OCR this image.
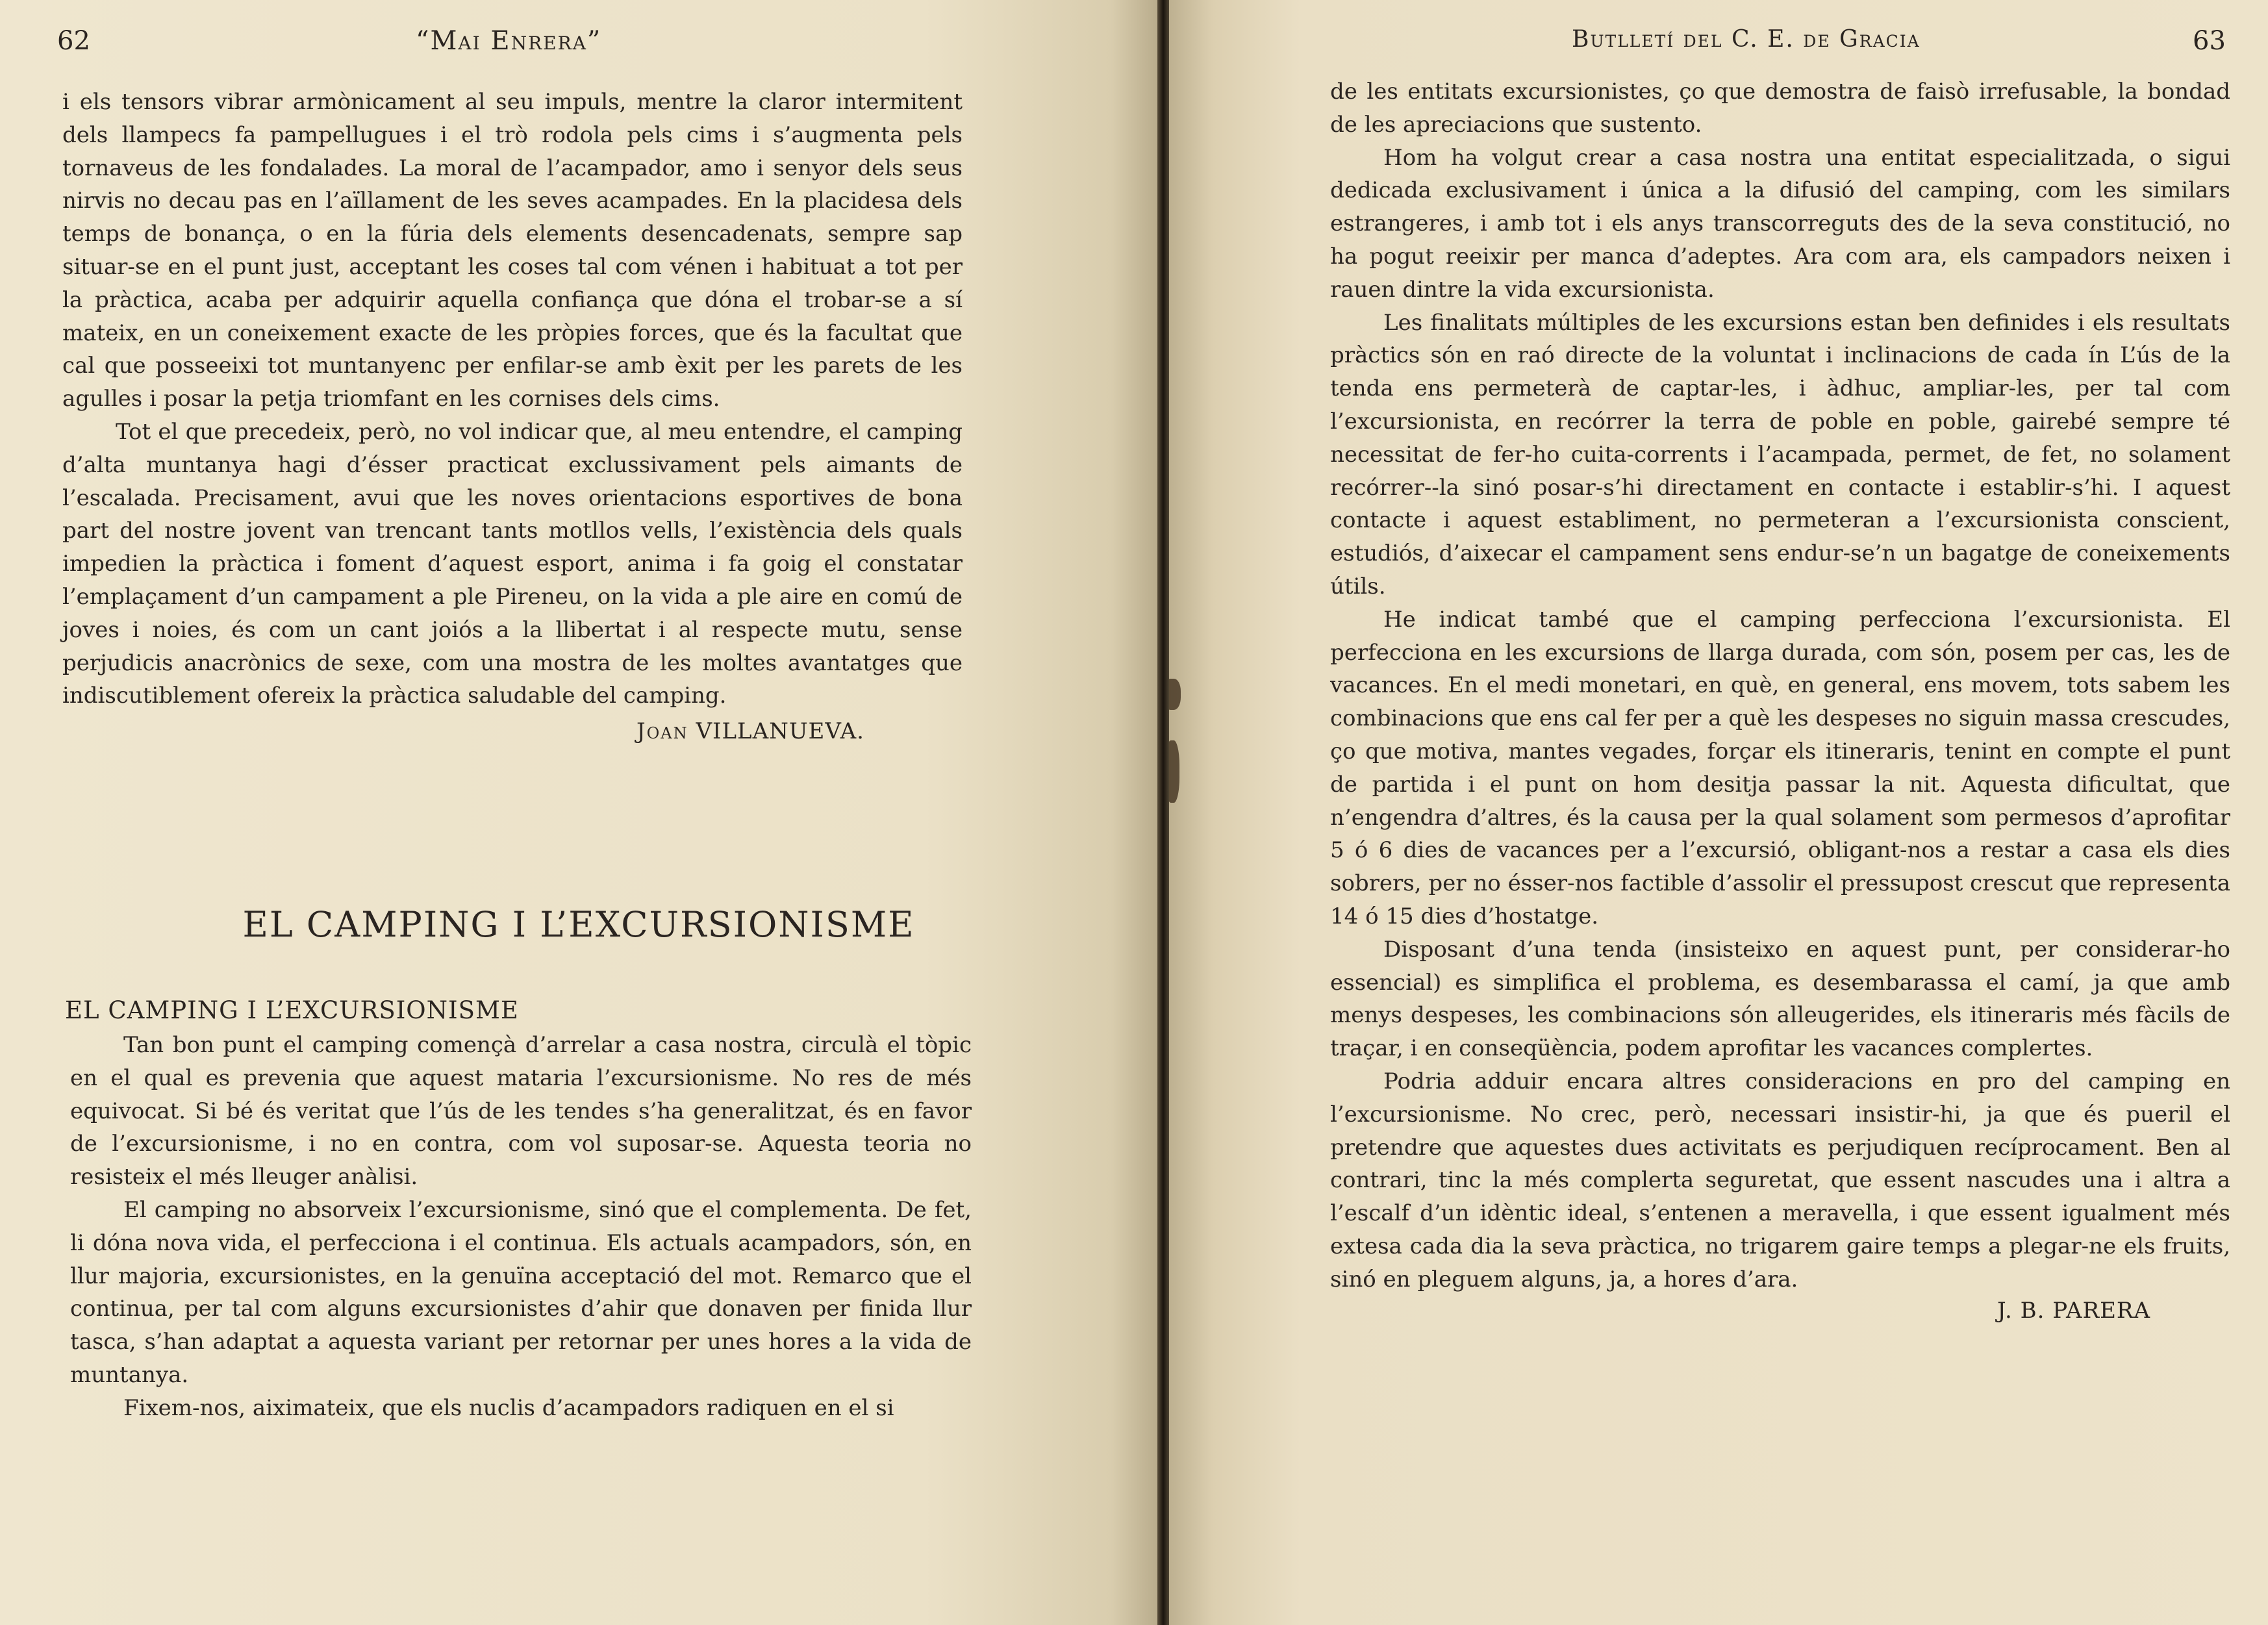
62	“Mai Enrera”

i els tensors vibrar armònicament al seu impuls, mentre la claror intermitent dels llampecs fa pampellugues i el trò rodola pels cims i s’augmenta pels tornaveus de les fondalades. La moral de l’acampador, amo i senyor dels seus nirvis no decau pas en l’aïllament de les seves acampades. En la placidesa dels temps de bonança, o en la fúria dels elements desencadenats, sempre sap situar-se en el punt just, acceptant les coses tal com vénen i habituat a tot per la pràctica, acaba per adquirir aquella confiança que dóna el trobar-se a sí mateix, en un coneixement exacte de les pròpies forces, que és la facultat que cal que posseeixi tot muntanyenc per enfilar-se amb èxit per les parets de les agulles i posar la petja triomfant en les cornises dels cims.

Tot el que precedeix, però, no vol indicar que, al meu entendre, el camping d’alta muntanya hagi d’ésser practicat exclussivament pels aimants de l’escalada. Precisament, avui que les noves orientacions esportives de bona part del nostre jovent van trencant tants motllos vells, l’existència dels quals impedien la pràctica i foment d’aquest esport, anima i fa goig el constatar l’emplaçament d’un campament a ple Pireneu, on la vida a ple aire en comú de joves i noies, és com un cant joiós a la llibertat i al respecte mutu, sense perjudicis anacrònics de sexe, com una mostra de les moltes avantatges que indiscutiblement ofereix la pràctica saludable del camping.

Joan VILLANUEVA.
EL CAMPING I L’EXCURSIONISME
EL CAMPING I L’EXCURSIONISME

Tan bon punt el camping començà d’arrelar a casa nostra, circulà el tòpic en el qual es prevenia que aquest mataria l’excursionisme. No res de més equivocat. Si bé és veritat que l’ús de les tendes s’ha generalitzat, és en favor de l’excursionisme, i no en contra, com vol suposar-se. Aquesta teoria no resisteix el més lleuger anàlisi.

El camping no absorveix l’excursionisme, sinó que el complementa. De fet, li dóna nova vida, el perfecciona i el continua. Els actuals acampadors, són, en llur majoria, excursionistes, en la genuïna acceptació del mot. Remarco que el continua, per tal com alguns excursionistes d’ahir que donaven per finida llur tasca, s’han adaptat a aquesta variant per retornar per unes hores a la vida de muntanya.

Fixem-nos, aiximateix, que els nuclis d’acampadors radiquen en el si

Butlletí del C. E. de Gracia	63

de les entitats excursionistes, ço que demostra de faisò irrefusable, la bondad de les apreciacions que sustento.

Hom ha volgut crear a casa nostra una entitat especialitzada, o sigui dedicada exclusivament i única a la difusió del camping, com les similars estrangeres, i amb tot i els anys transcorreguts des de la seva constitució, no ha pogut reeixir per manca d’adeptes. Ara com ara, els campadors neixen i rauen dintre la vida excursionista.

Les finalitats múltiples de les excursions estan ben definides i els resultats pràctics són en raó directe de la voluntat i inclinacions de cada ín L’ús de la tenda ens permeterà de captar-les, i àdhuc, ampliar-les, per tal com l’excursionista, en recórrer la terra de poble en poble, gairebé sempre té necessitat de fer-ho cuita-corrents i l’acampada, permet, de fet, no solament recórrer--la sinó posar-s’hi directament en contacte i establir-s’hi. I aquest contacte i aquest establiment, no permeteran a l’excursionista conscient, estudiós, d’aixecar el campament sens endur-se’n un bagatge de coneixements útils.

He indicat també que el camping perfecciona l’excursionista. El perfecciona en les excursions de llarga durada, com són, posem per cas, les de vacances. En el medi monetari, en què, en general, ens movem, tots sabem les combinacions que ens cal fer per a què les despeses no siguin massa crescudes, ço que motiva, mantes vegades, forçar els itineraris, tenint en compte el punt de partida i el punt on hom desitja passar la nit. Aquesta dificultat, que n’engendra d’altres, és la causa per la qual solament som permesos d’aprofitar 5 ó 6 dies de vacances per a l’excursió, obligant-nos a restar a casa els dies sobrers, per no ésser-nos factible d’assolir el pressupost crescut que representa 14 ó 15 dies d’hostatge.

Disposant d’una tenda (insisteixo en aquest punt, per considerar-ho essencial) es simplifica el problema, es desembarassa el camí, ja que amb menys despeses, les combinacions són alleugerides, els itineraris més fàcils de traçar, i en conseqüència, podem aprofitar les vacances complertes.

Podria adduir encara altres consideracions en pro del camping en l’excursionisme. No crec, però, necessari insistir-hi, ja que és pueril el pretendre que aquestes dues activitats es perjudiquen recíprocament. Ben al contrari, tinc la més complerta seguretat, que essent nascudes una i altra a l’escalf d’un idèntic ideal, s’entenen a meravella, i que essent igualment més extesa cada dia la seva pràctica, no trigarem gaire temps a plegar-ne els fruits, sinó en pleguem alguns, ja, a hores d’ara.

J. B. PARERA
